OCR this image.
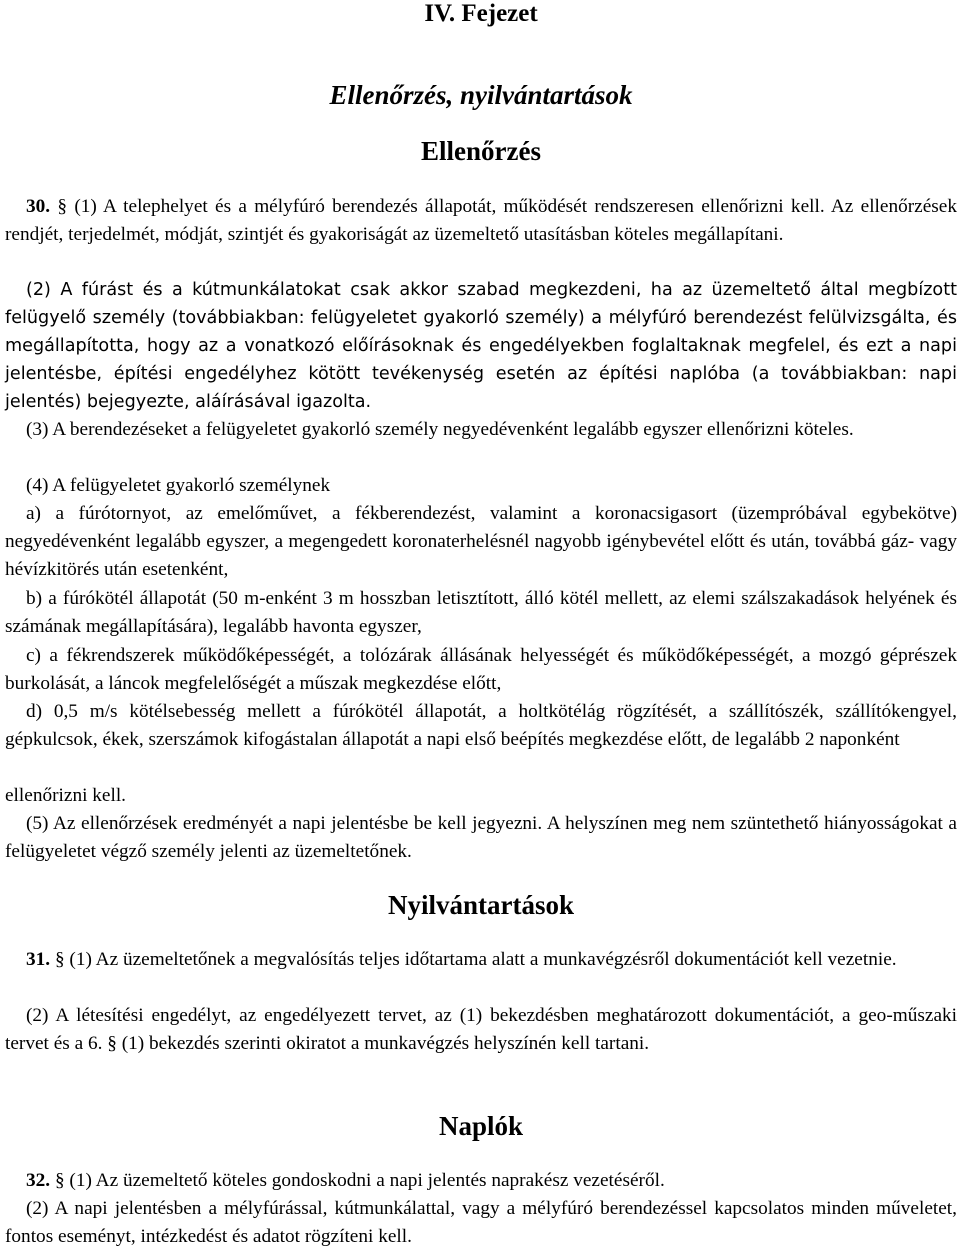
IV. Fejezet
Ellenőrzés, nyilvántartások
Ellenőrzés

30. § (1) A telephelyet és a mélyfúró berendezés állapotát, működését rendszeresen ellenőrizni kell. Az ellenőrzések rendjét, terjedelmét, módját, szintjét és gyakoriságát az üzemeltető utasításban köteles megállapítani.

(2) A fúrást és a kútmunkálatokat csak akkor szabad megkezdeni, ha az üzemeltető által megbízott felügyelő személy (továbbiakban: felügyeletet gyakorló személy) a mélyfúró berendezést felülvizsgálta, és megállapította, hogy az a vonatkozó előírásoknak és engedélyekben foglaltaknak megfelel, és ezt a napi jelentésbe, építési engedélyhez kötött tevékenység esetén az építési naplóba (a továbbiakban: napi jelentés) bejegyezte, aláírásával igazolta.

(3) A berendezéseket a felügyeletet gyakorló személy negyedévenként legalább egyszer ellenőrizni köteles.

(4) A felügyeletet gyakorló személynek

a) a fúrótornyot, az emelőművet, a fékberendezést, valamint a koronacsigasort (üzempróbával egybekötve) negyedévenként legalább egyszer, a megengedett koronaterhelésnél nagyobb igénybevétel előtt és után, továbbá gáz- vagy hévízkitörés után esetenként,

b) a fúrókötél állapotát (50 m-enként 3 m hosszban letisztított, álló kötél mellett, az elemi szálszakadások helyének és számának megállapítására), legalább havonta egyszer,

c) a fékrendszerek működőképességét, a tolózárak állásának helyességét és működőképességét, a mozgó géprészek burkolását, a láncok megfelelőségét a műszak megkezdése előtt,

d) 0,5 m/s kötélsebesség mellett a fúrókötél állapotát, a holtkötélág rögzítését, a szállítószék, szállítókengyel, gépkulcsok, ékek, szerszámok kifogástalan állapotát a napi első beépítés megkezdése előtt, de legalább 2 naponként

ellenőrizni kell.

(5) Az ellenőrzések eredményét a napi jelentésbe be kell jegyezni. A helyszínen meg nem szüntethető hiányosságokat a felügyeletet végző személy jelenti az üzemeltetőnek.

Nyilvántartások

31. § (1) Az üzemeltetőnek a megvalósítás teljes időtartama alatt a munkavégzésről dokumentációt kell vezetnie.

(2) A létesítési engedélyt, az engedélyezett tervet, az (1) bekezdésben meghatározott dokumentációt, a geo-műszaki tervet és a 6. § (1) bekezdés szerinti okiratot a munkavégzés helyszínén kell tartani.

Naplók

32. § (1) Az üzemeltető köteles gondoskodni a napi jelentés naprakész vezetéséről.

(2) A napi jelentésben a mélyfúrással, kútmunkálattal, vagy a mélyfúró berendezéssel kapcsolatos minden műveletet, fontos eseményt, intézkedést és adatot rögzíteni kell.
